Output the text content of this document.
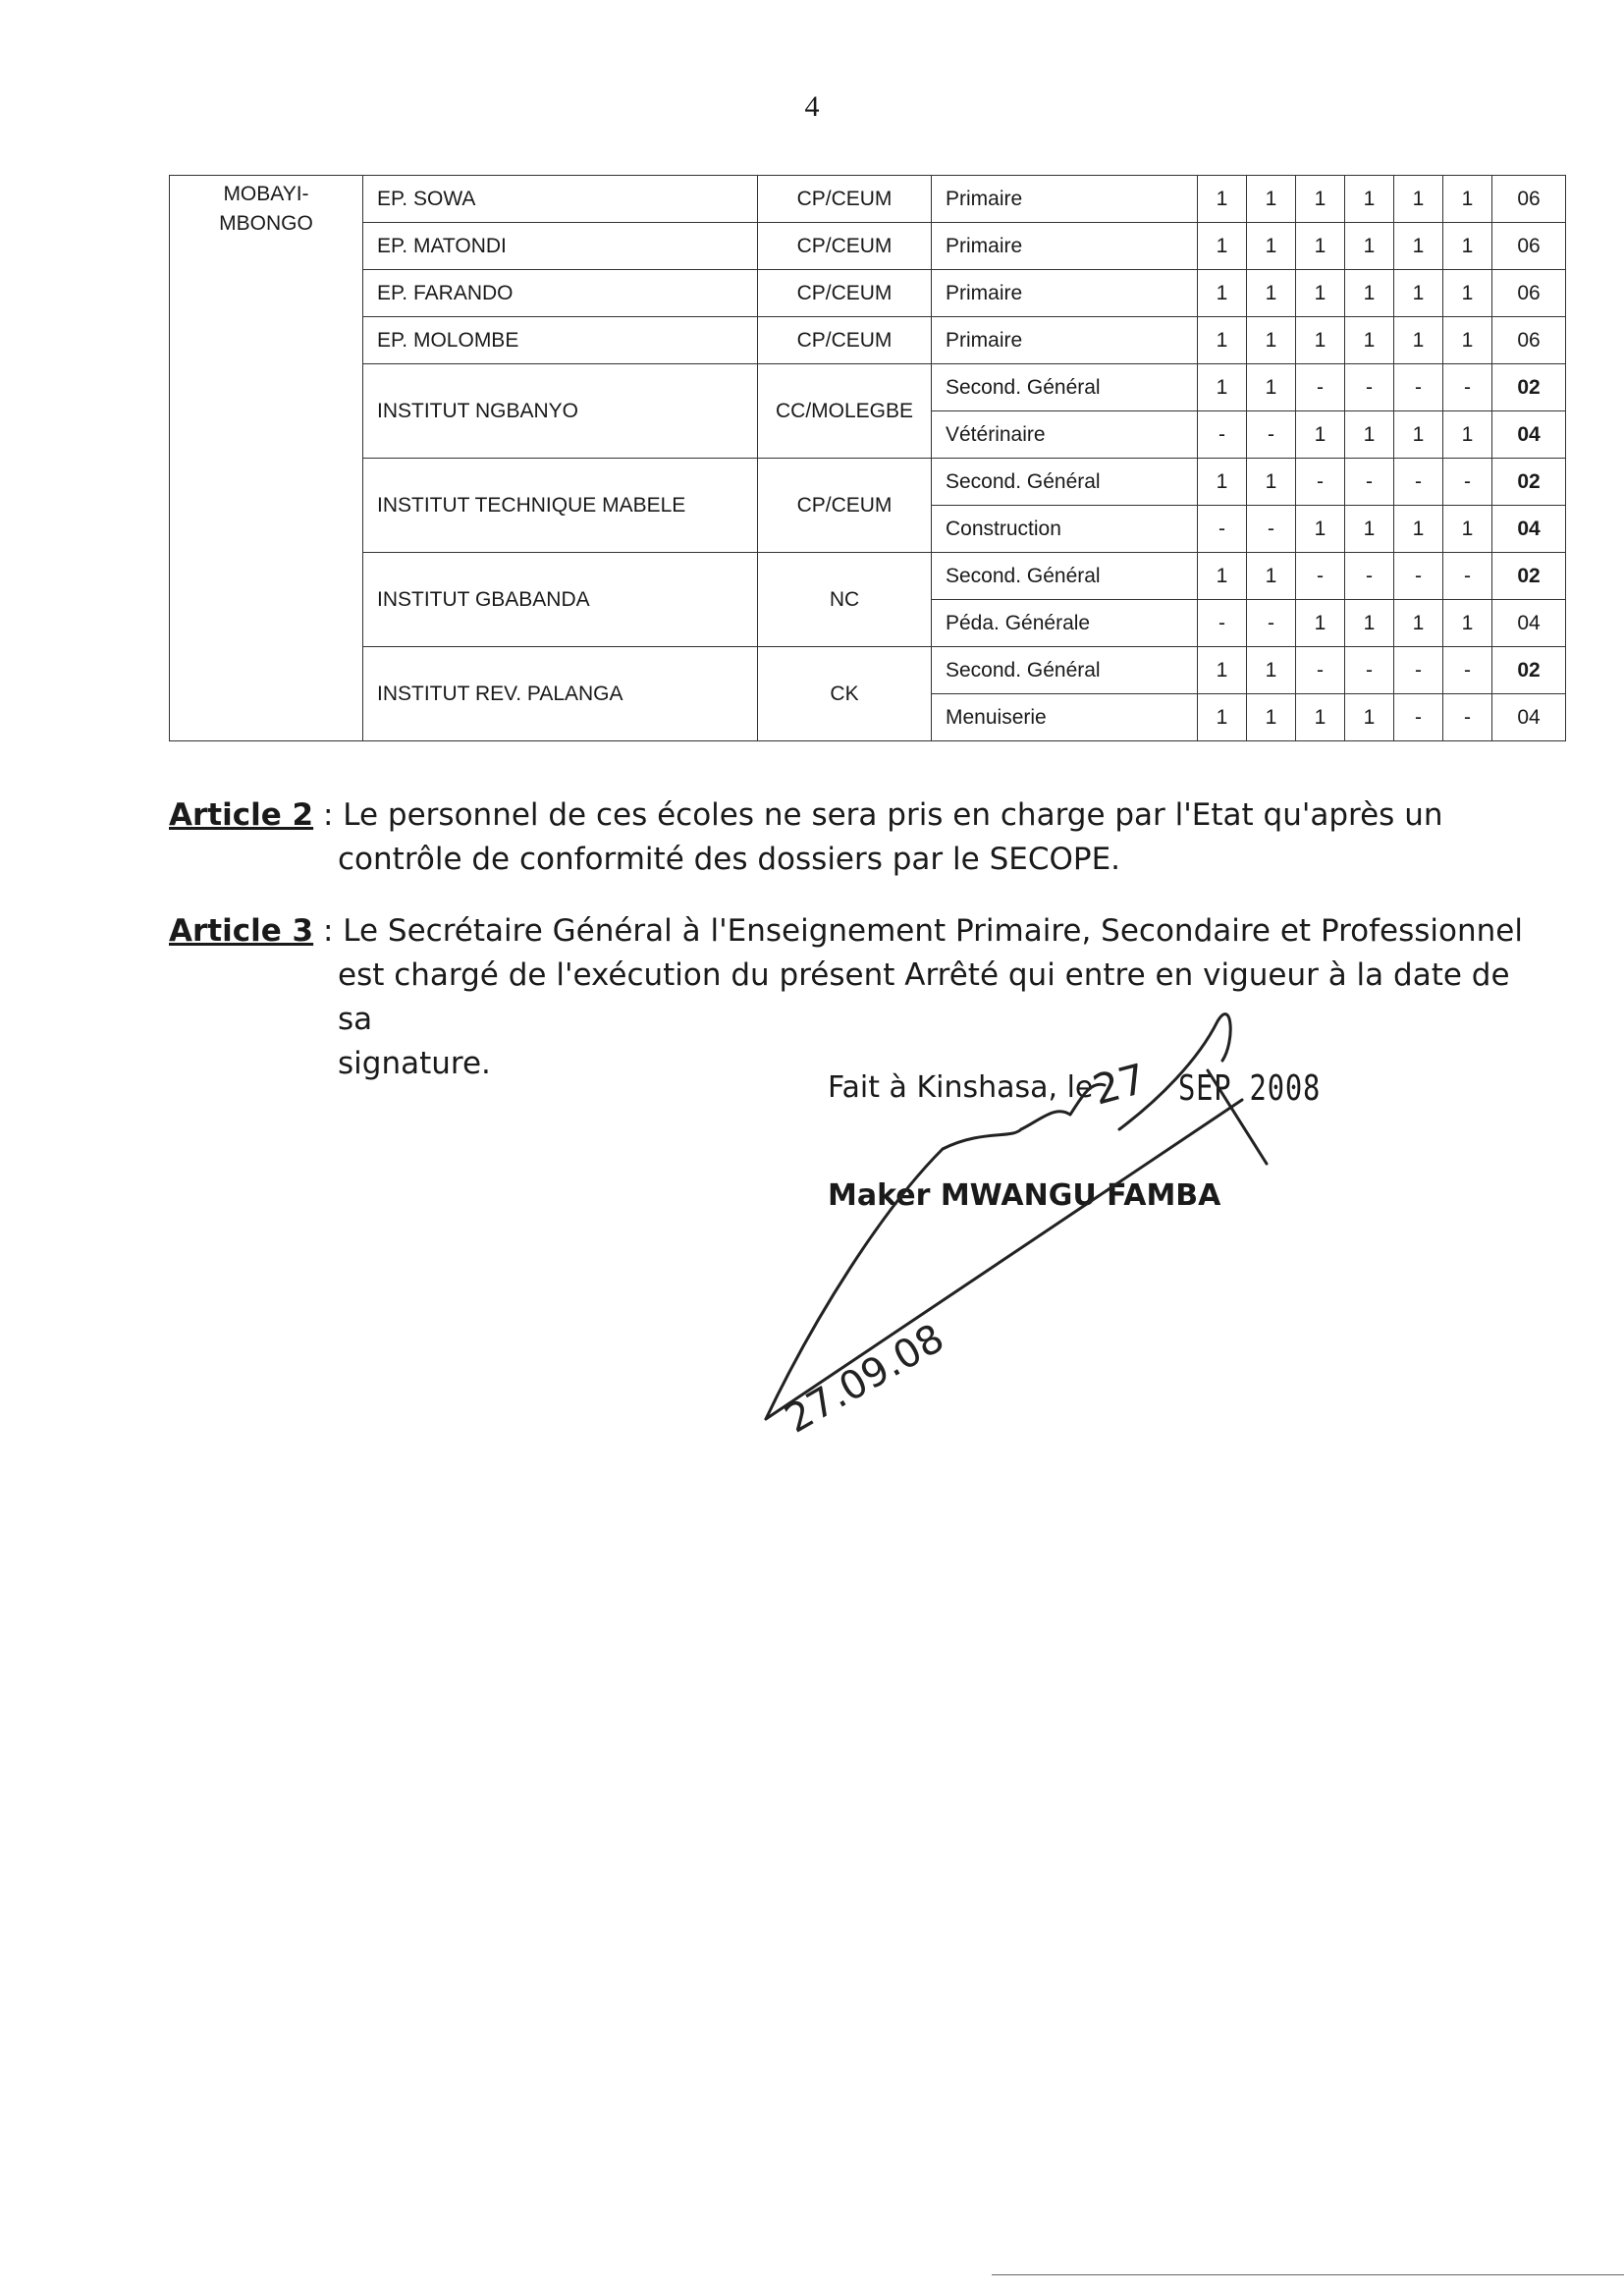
4
MOBAYI-
MBONGO	EP. SOWA	CP/CEUM	Primaire	1	1	1	1	1	1	06
	EP. MATONDI	CP/CEUM	Primaire	1	1	1	1	1	1	06
	EP. FARANDO	CP/CEUM	Primaire	1	1	1	1	1	1	06
	EP. MOLOMBE	CP/CEUM	Primaire	1	1	1	1	1	1	06
	INSTITUT NGBANYO	CC/MOLEGBE	Second. Général	1	1	-	-	-	-	02
			Vétérinaire	-	-	1	1	1	1	04
	INSTITUT TECHNIQUE MABELE	CP/CEUM	Second. Général	1	1	-	-	-	-	02
			Construction	-	-	1	1	1	1	04
	INSTITUT GBABANDA	NC	Second. Général	1	1	-	-	-	-	02
			Péda. Générale	-	-	1	1	1	1	04
	INSTITUT REV. PALANGA	CK	Second. Général	1	1	-	-	-	-	02
			Menuiserie	1	1	1	1	-	-	04
Article 2 : Le personnel de ces écoles ne sera pris en charge par l'Etat qu'après un
contrôle de conformité des dossiers par le SECOPE.
Article 3 : Le Secrétaire Général à l'Enseignement Primaire, Secondaire et Professionnel
est chargé de l'exécution du présent Arrêté qui entre en vigueur à la date de sa
signature.
Fait à Kinshasa, le SEP 2008
Maker MWANGU FAMBA
27
27.09.08
